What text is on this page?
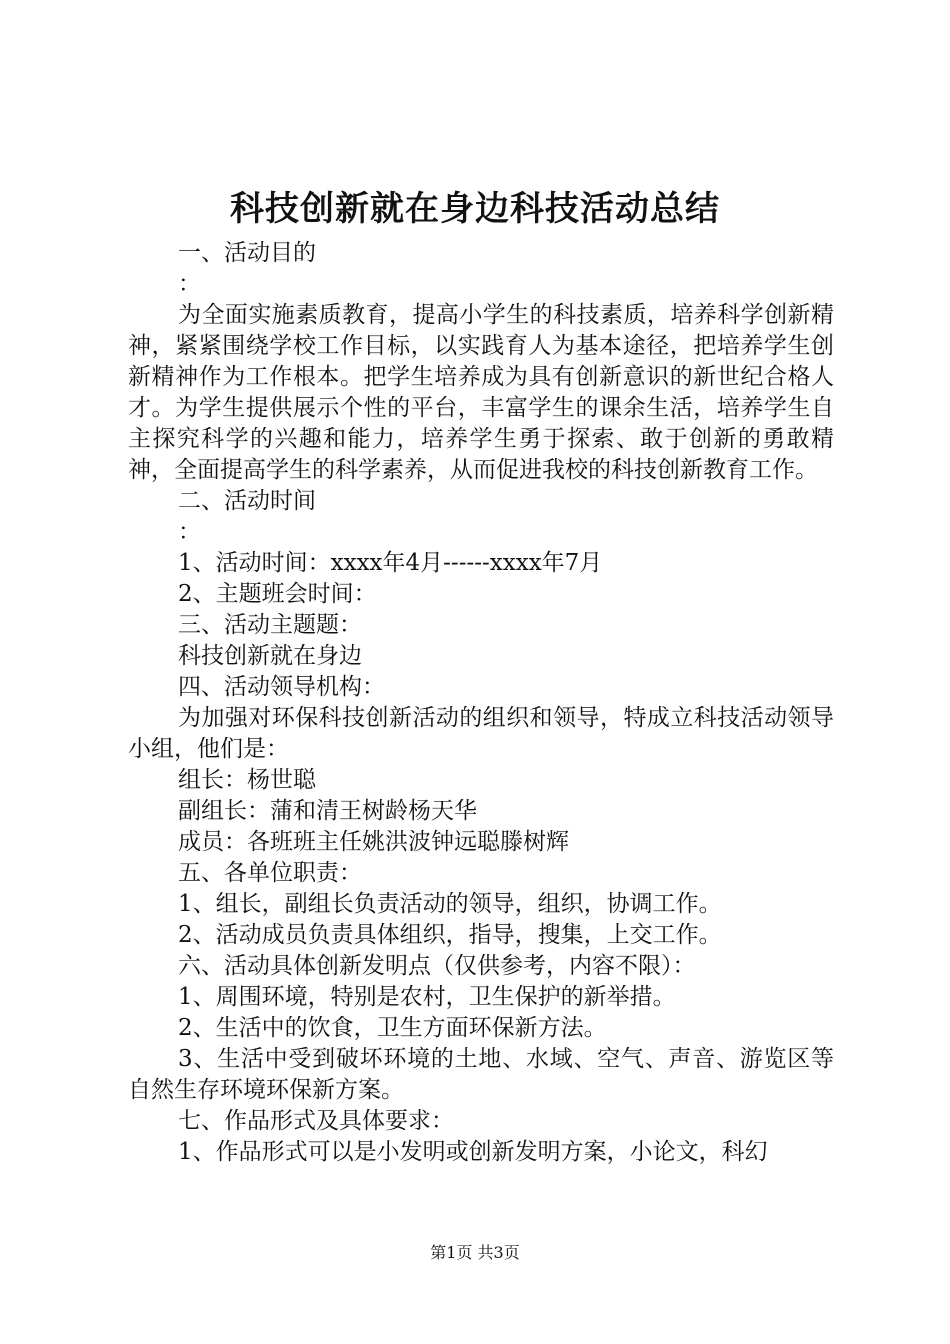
科技创新就在身边科技活动总结

一、活动目的

：

为全面实施素质教育，提高小学生的科技素质，培养科学创新精神，紧紧围绕学校工作目标，以实践育人为基本途径，把培养学生创新精神作为工作根本。把学生培养成为具有创新意识的新世纪合格人才。为学生提供展示个性的平台，丰富学生的课余生活，培养学生自主探究科学的兴趣和能力，培养学生勇于探索、敢于创新的勇敢精神，全面提高学生的科学素养，从而促进我校的科技创新教育工作。

二、活动时间

：

1、活动时间：xxxx年4月------xxxx年7月

2、主题班会时间：

三、活动主题题：

科技创新就在身边

四、活动领导机构：

为加强对环保科技创新活动的组织和领导，特成立科技活动领导小组，他们是：

组长：杨世聪

副组长：蒲和清王树龄杨天华

成员：各班班主任姚洪波钟远聪滕树辉

五、各单位职责：

1、组长，副组长负责活动的领导，组织，协调工作。

2、活动成员负责具体组织，指导，搜集，上交工作。

六、活动具体创新发明点（仅供参考，内容不限）：

1、周围环境，特别是农村，卫生保护的新举措。

2、生活中的饮食，卫生方面环保新方法。

3、生活中受到破坏环境的土地、水域、空气、声音、游览区等自然生存环境环保新方案。

七、作品形式及具体要求：

1、作品形式可以是小发明或创新发明方案，小论文，科幻

第1页 共3页
